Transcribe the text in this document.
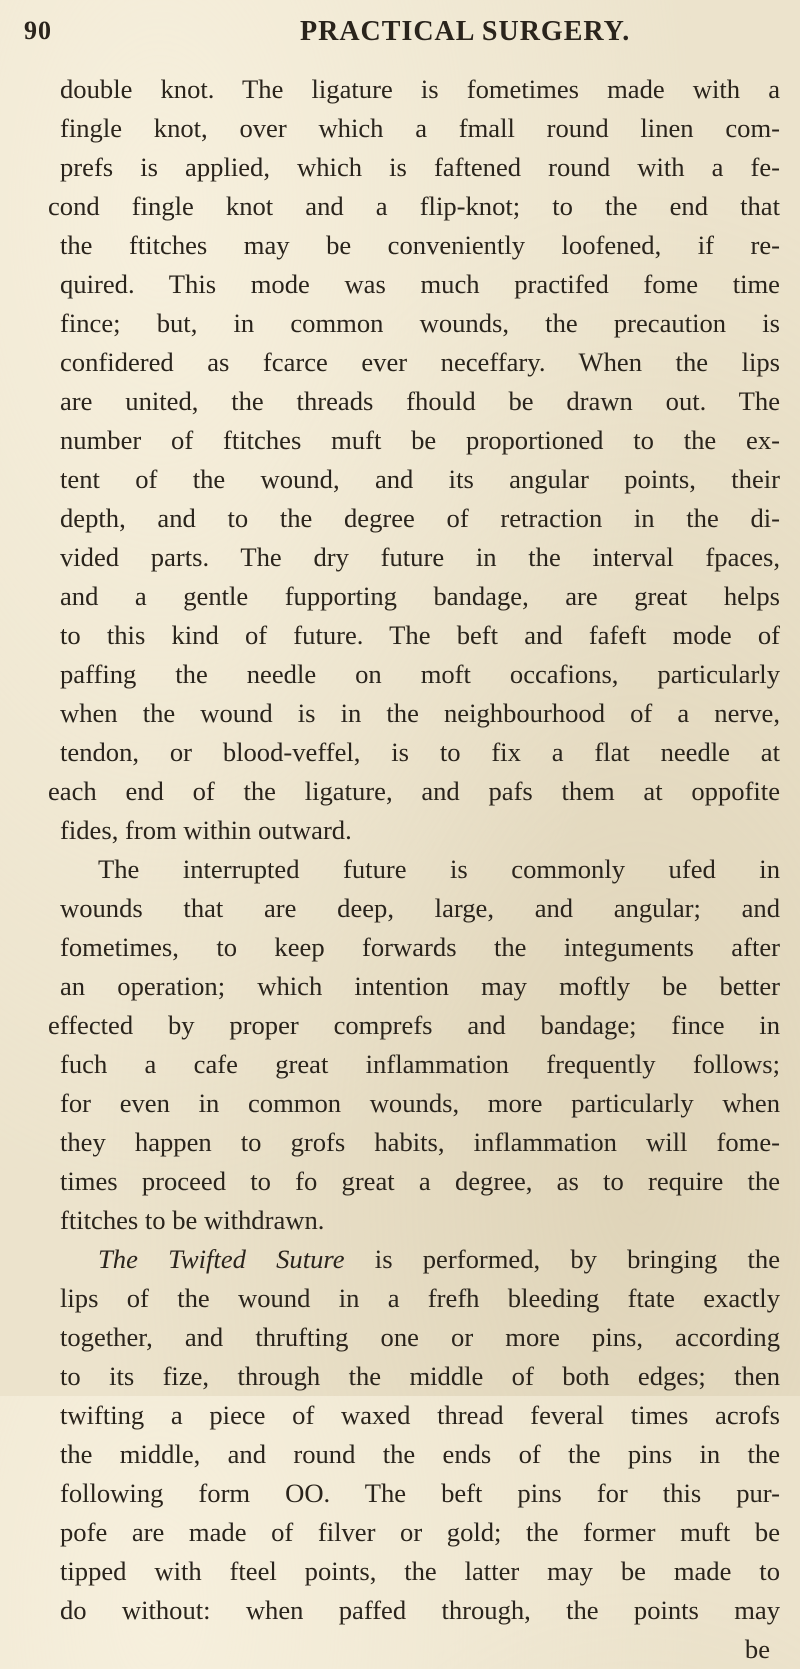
90	PRACTICAL SURGERY.
double knot. The ligature is fometimes made with a
fingle knot, over which a fmall round linen com-
prefs is applied, which is faftened round with a fe-
cond fingle knot and a flip-knot; to the end that
the ftitches may be conveniently loofened, if re-
quired. This mode was much practifed fome time
fince; but, in common wounds, the precaution is
confidered as fcarce ever neceffary. When the lips
are united, the threads fhould be drawn out. The
number of ftitches muft be proportioned to the ex-
tent of the wound, and its angular points, their
depth, and to the degree of retraction in the di-
vided parts. The dry future in the interval fpaces,
and a gentle fupporting bandage, are great helps
to this kind of future. The beft and fafeft mode of
paffing the needle on moft occafions, particularly
when the wound is in the neighbourhood of a nerve,
tendon, or blood-veffel, is to fix a flat needle at
each end of the ligature, and pafs them at oppofite
fides, from within outward.
The interrupted future is commonly ufed in
wounds that are deep, large, and angular; and
fometimes, to keep forwards the integuments after
an operation; which intention may moftly be better
effected by proper comprefs and bandage; fince in
fuch a cafe great inflammation frequently follows;
for even in common wounds, more particularly when
they happen to grofs habits, inflammation will fome-
times proceed to fo great a degree, as to require the
ftitches to be withdrawn.
The Twifted Suture is performed, by bringing the
lips of the wound in a frefh bleeding ftate exactly
together, and thrufting one or more pins, according
to its fize, through the middle of both edges; then
twifting a piece of waxed thread feveral times acrofs
the middle, and round the ends of the pins in the
following form OO. The beft pins for this pur-
pofe are made of filver or gold; the former muft be
tipped with fteel points, the latter may be made to
do without: when paffed through, the points may
be
